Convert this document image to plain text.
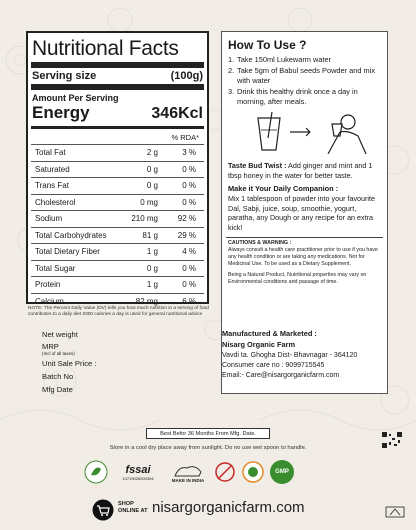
Nutritional Facts
Serving size	(100g)
Amount Per Serving
Energy	346Kcl
% RDA*
Total Fat	2 g	3 %
Saturated	0 g	0 %
Trans Fat	0 g	0 %
Cholesterol	0 mg	0 %
Sodium	210 mg	92 %
Total Carbohydrates	81 g	29 %
Total Dietary Fiber	1 g	4 %
Total Sugar	0 g	0 %
Protein	1 g	0 %
Calcium	82 mg	6 %
NOTE: The Percent Daily Value (DV) tells you how much nutrition in a serving of food contributes to a daily diet 2000 calories a day is used for general nutritional advice
How To Use ?
1. Take 150ml Lukewarm water
2. Take 5gm of Babul seeds Powder and mix with water
3. Drink this healthy drink once a day in morning, after meals.
Taste Bud Twist : Add ginger and mint and 1 tbsp honey in the water for better taste.
Make it Your Daily Companion :
Mix 1 tablespoon of powder into your favourite Dal, Sabji, juice, soup, smoothie, yogurt, paratha, any Dough or any recipe for an extra kick!
CAUTIONS & WARNING :
Always consult a health care practitioner prior to use if you have any health condition or are taking any medications. Not for Medicinal Use. To be used as a Dietary Supplement.
Being a Natural Product, Nutritional properties may vary on Environmental conditions and passage of time.
Net weight
MRP
(Incl of all taxes)
Unit Sale Price :
Batch No
Mfg Date
Manufactured & Marketed :
Nisarg Organic Farm
Vavdi ta. Ghogha Dist- Bhavnagar - 364120
Consumer care no : 9099715545
Email:- Care@nisargorganicfarm.com
Best Befor 36 Months From Mfg. Date.
Store in a cool dry place away from sunlight. Do no use wet spoon to handle.
fssai
10719026000394	MAKE IN INDIA
GMP
SHOP
ONLINE AT nisargorganicfarm.com
